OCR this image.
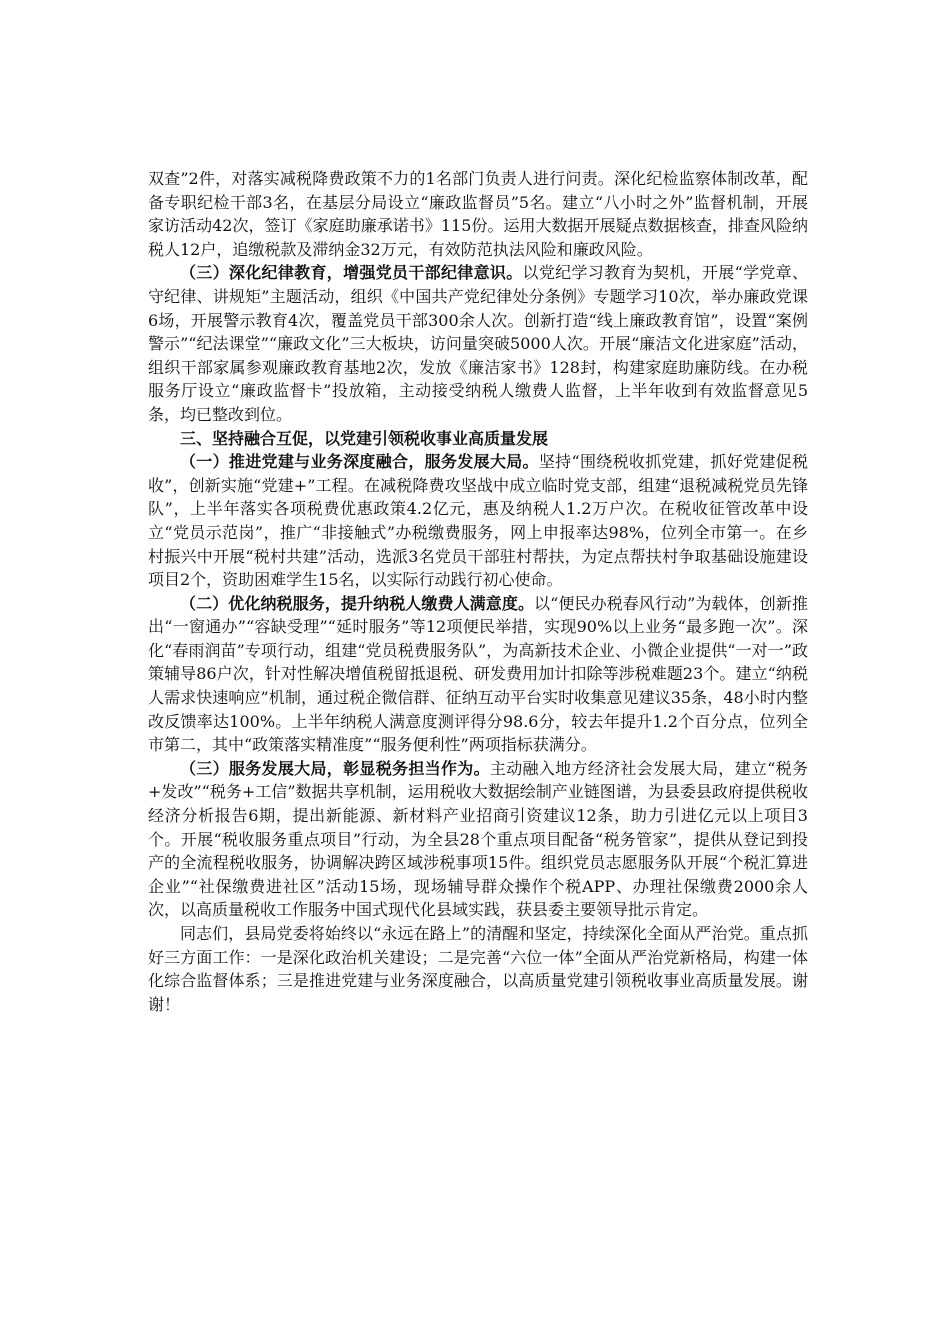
双查”2件，对落实减税降费政策不力的1名部门负责人进行问责。深化纪检监察体制改革，配备专职纪检干部3名，在基层分局设立“廉政监督员”5名。建立“八小时之外”监督机制，开展家访活动42次，签订《家庭助廉承诺书》115份。运用大数据开展疑点数据核查，排查风险纳税人12户，追缴税款及滞纳金32万元，有效防范执法风险和廉政风险。

（三）深化纪律教育，增强党员干部纪律意识。以党纪学习教育为契机，开展“学党章、守纪律、讲规矩”主题活动，组织《中国共产党纪律处分条例》专题学习10次，举办廉政党课6场，开展警示教育4次，覆盖党员干部300余人次。创新打造“线上廉政教育馆”，设置“案例警示”“纪法课堂”“廉政文化”三大板块，访问量突破5000人次。开展“廉洁文化进家庭”活动，组织干部家属参观廉政教育基地2次，发放《廉洁家书》128封，构建家庭助廉防线。在办税服务厅设立“廉政监督卡”投放箱，主动接受纳税人缴费人监督，上半年收到有效监督意见5条，均已整改到位。

三、坚持融合互促，以党建引领税收事业高质量发展

（一）推进党建与业务深度融合，服务发展大局。坚持“围绕税收抓党建，抓好党建促税收”，创新实施“党建+”工程。在减税降费攻坚战中成立临时党支部，组建“退税减税党员先锋队”，上半年落实各项税费优惠政策4.2亿元，惠及纳税人1.2万户次。在税收征管改革中设立“党员示范岗”，推广“非接触式”办税缴费服务，网上申报率达98%，位列全市第一。在乡村振兴中开展“税村共建”活动，选派3名党员干部驻村帮扶，为定点帮扶村争取基础设施建设项目2个，资助困难学生15名，以实际行动践行初心使命。

（二）优化纳税服务，提升纳税人缴费人满意度。以“便民办税春风行动”为载体，创新推出“一窗通办”“容缺受理”“延时服务”等12项便民举措，实现90%以上业务“最多跑一次”。深化“春雨润苗”专项行动，组建“党员税费服务队”，为高新技术企业、小微企业提供“一对一”政策辅导86户次，针对性解决增值税留抵退税、研发费用加计扣除等涉税难题23个。建立“纳税人需求快速响应”机制，通过税企微信群、征纳互动平台实时收集意见建议35条，48小时内整改反馈率达100%。上半年纳税人满意度测评得分98.6分，较去年提升1.2个百分点，位列全市第二，其中“政策落实精准度”“服务便利性”两项指标获满分。

（三）服务发展大局，彰显税务担当作为。主动融入地方经济社会发展大局，建立“税务+发改”“税务+工信”数据共享机制，运用税收大数据绘制产业链图谱，为县委县政府提供税收经济分析报告6期，提出新能源、新材料产业招商引资建议12条，助力引进亿元以上项目3个。开展“税收服务重点项目”行动，为全县28个重点项目配备“税务管家”，提供从登记到投产的全流程税收服务，协调解决跨区域涉税事项15件。组织党员志愿服务队开展“个税汇算进企业”“社保缴费进社区”活动15场，现场辅导群众操作个税APP、办理社保缴费2000余人次，以高质量税收工作服务中国式现代化县域实践，获县委主要领导批示肯定。

同志们，县局党委将始终以“永远在路上”的清醒和坚定，持续深化全面从严治党。重点抓好三方面工作：一是深化政治机关建设；二是完善“六位一体”全面从严治党新格局，构建一体化综合监督体系；三是推进党建与业务深度融合，以高质量党建引领税收事业高质量发展。谢谢！
